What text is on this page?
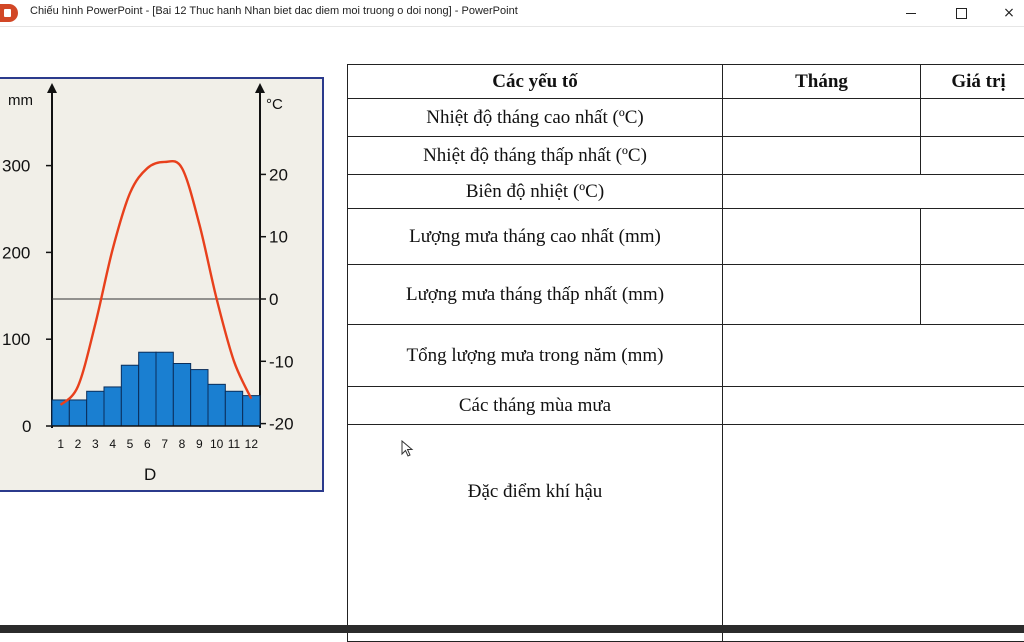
Chiếu hình PowerPoint - [Bai 12 Thuc hanh Nhan biet dac diem moi truong o doi nong] - PowerPoint	×
mm
0
100
200
300
°C
-20
-10
0
10
20
1 2 3 4 5 6 7 8 9 10 11 12
D
Các yếu tố	Tháng	Giá trị
Nhiệt độ tháng cao nhất (ºC)		
Nhiệt độ tháng thấp nhất (ºC)		
Biên độ nhiệt (ºC)		
Lượng mưa tháng cao nhất (mm)		
Lượng mưa tháng thấp nhất (mm)		
Tổng lượng mưa trong năm (mm)		
Các tháng mùa mưa		
Đặc điểm khí hậu		
